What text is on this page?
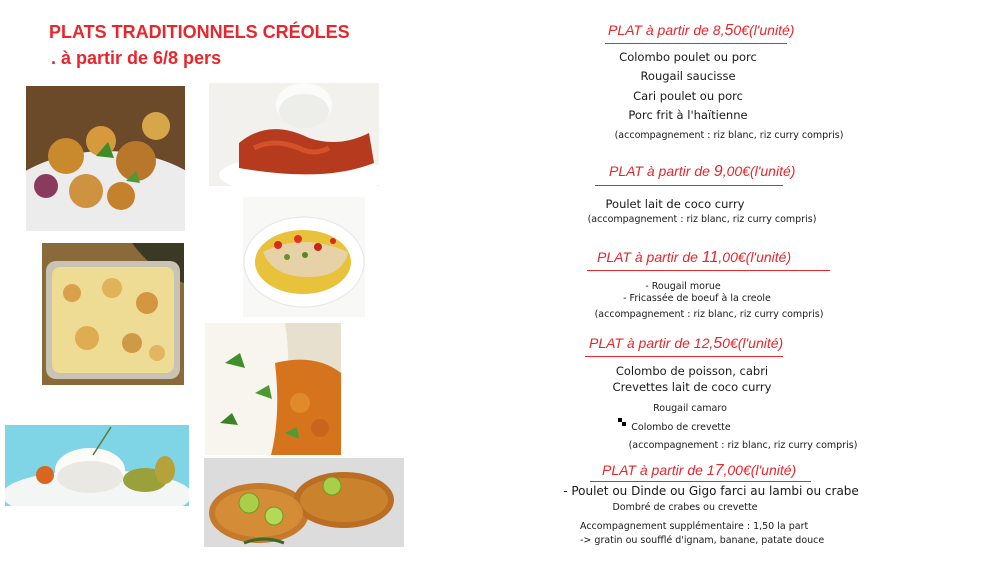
PLATS TRADITIONNELS CRÉOLES
. à partir de 6/8 pers
PLAT à partir de 8,50€(l'unité)
Colombo poulet ou porc
Rougail saucisse
Cari poulet ou porc
Porc frit à l'haïtienne
(accompagnement : riz blanc, riz curry compris)
PLAT à partir de 9,00€(l'unité)
Poulet lait de coco curry
(accompagnement : riz blanc, riz curry compris)
PLAT à partir de 11,00€(l'unité)
- Rougail morue
- Fricassée de boeuf à la creole
(accompagnement : riz blanc, riz curry compris)
PLAT à partir de 12,50€(l'unité)
Colombo de poisson, cabri
Crevettes lait de coco curry
Rougail camaro
Colombo de crevette
(accompagnement : riz blanc, riz curry compris)
PLAT à partir de 17,00€(l'unité)
- Poulet ou Dinde ou Gigo farci au lambi ou crabe
Dombré de crabes ou crevette
Accompagnement supplémentaire : 1,50 la part
-> gratin ou soufflé d'ignam, banane, patate douce
